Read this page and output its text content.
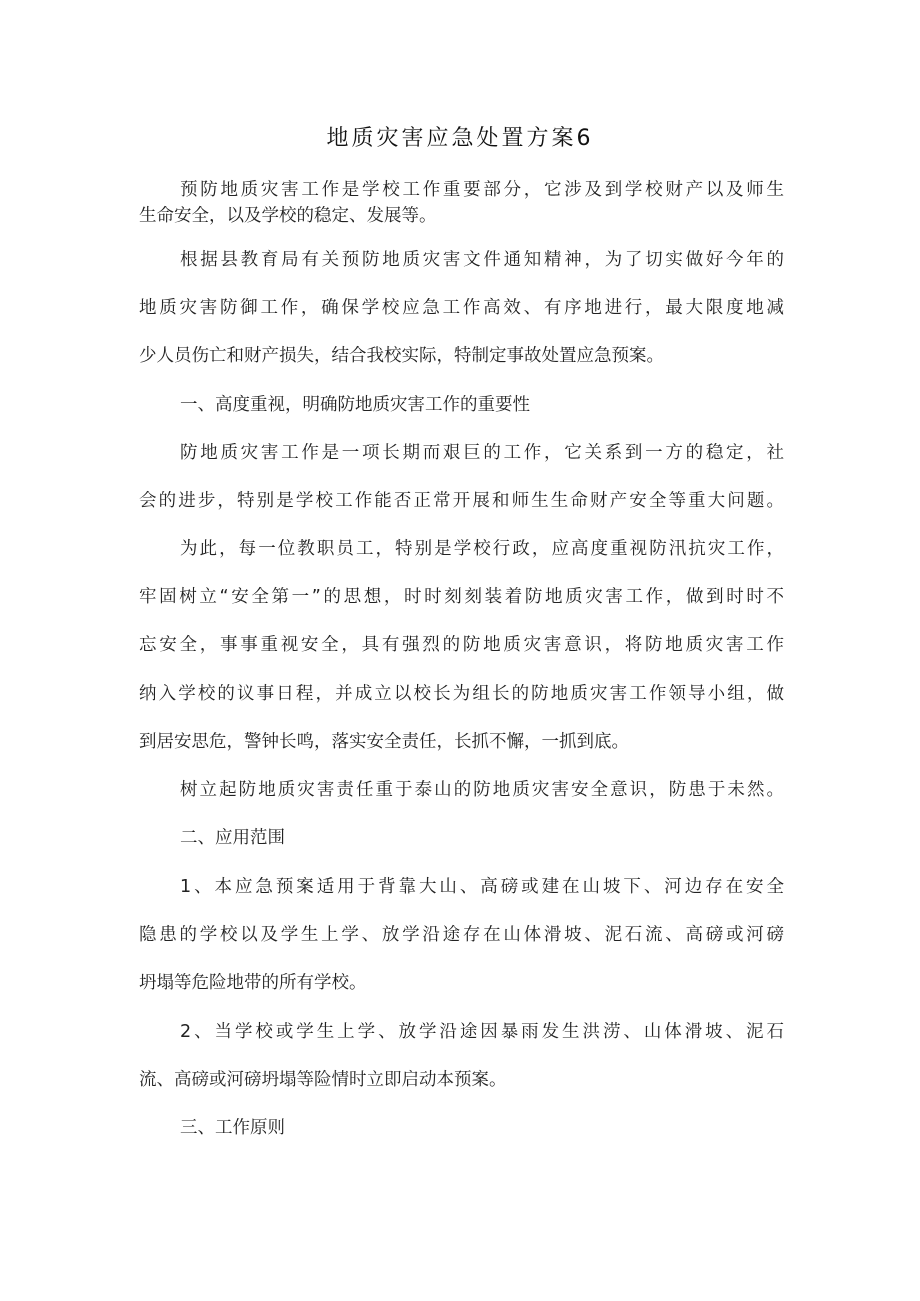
地质灾害应急处置方案6
预防地质灾害工作是学校工作重要部分，它涉及到学校财产以及师生
生命安全，以及学校的稳定、发展等。
根据县教育局有关预防地质灾害文件通知精神，为了切实做好今年的
地质灾害防御工作，确保学校应急工作高效、有序地进行，最大限度地减
少人员伤亡和财产损失，结合我校实际，特制定事故处置应急预案。
一、高度重视，明确防地质灾害工作的重要性
防地质灾害工作是一项长期而艰巨的工作，它关系到一方的稳定，社
会的进步，特别是学校工作能否正常开展和师生生命财产安全等重大问题。
为此，每一位教职员工，特别是学校行政，应高度重视防汛抗灾工作，
牢固树立“安全第一”的思想，时时刻刻装着防地质灾害工作，做到时时不
忘安全，事事重视安全，具有强烈的防地质灾害意识，将防地质灾害工作
纳入学校的议事日程，并成立以校长为组长的防地质灾害工作领导小组，做
到居安思危，警钟长鸣，落实安全责任，长抓不懈，一抓到底。
树立起防地质灾害责任重于泰山的防地质灾害安全意识，防患于未然。
二、应用范围
1、本应急预案适用于背靠大山、高磅或建在山坡下、河边存在安全
隐患的学校以及学生上学、放学沿途存在山体滑坡、泥石流、高磅或河磅
坍塌等危险地带的所有学校。
2、当学校或学生上学、放学沿途因暴雨发生洪涝、山体滑坡、泥石
流、高磅或河磅坍塌等险情时立即启动本预案。
三、工作原则
